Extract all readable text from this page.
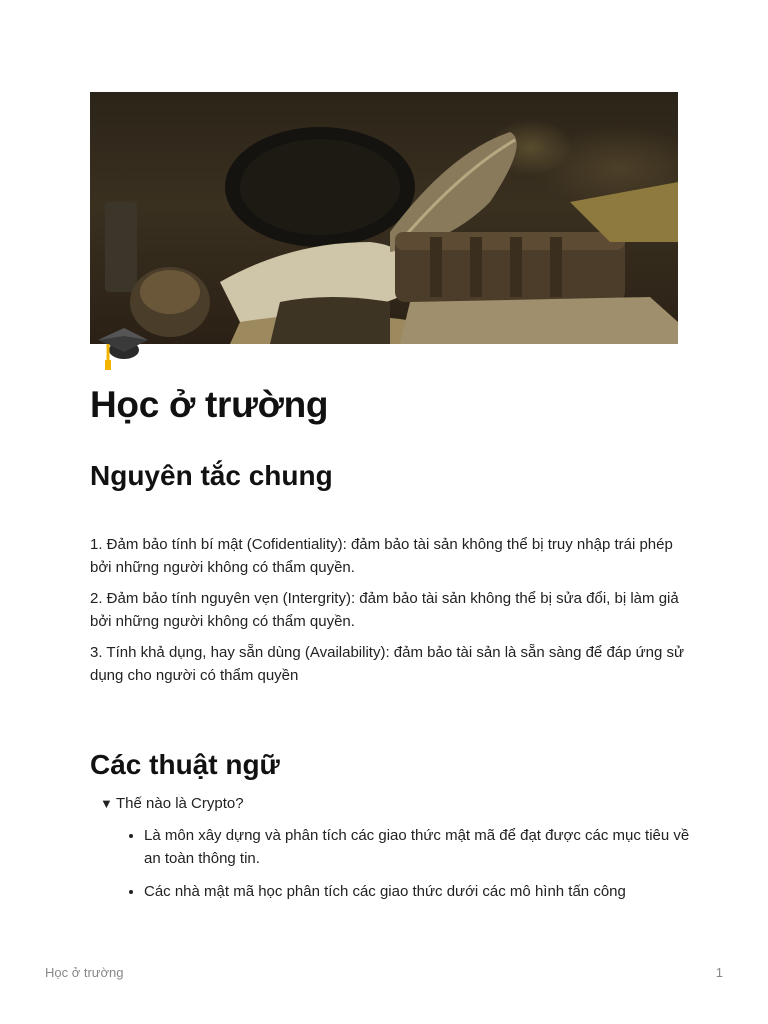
Học ở trường
Nguyên tắc chung

1. Đảm bảo tính bí mật (Cofidentiality): đảm bảo tài sản không thể bị truy nhập trái phép bởi những người không có thẩm quyền.

2. Đảm bảo tính nguyên vẹn (Intergrity): đảm bảo tài sản không thể bị sửa đổi, bị làm giả bởi những người không có thẩm quyền.

3. Tính khả dụng, hay sẵn dùng (Availability): đảm bảo tài sản là sẵn sàng để đáp ứng sử dụng cho người có thẩm quyền

Các thuật ngữ
▼ Thế nào là Crypto?
• Là môn xây dựng và phân tích các giao thức mật mã để đạt được các mục tiêu về an toàn thông tin.
• Các nhà mật mã học phân tích các giao thức dưới các mô hình tấn công
Học ở trường	1
